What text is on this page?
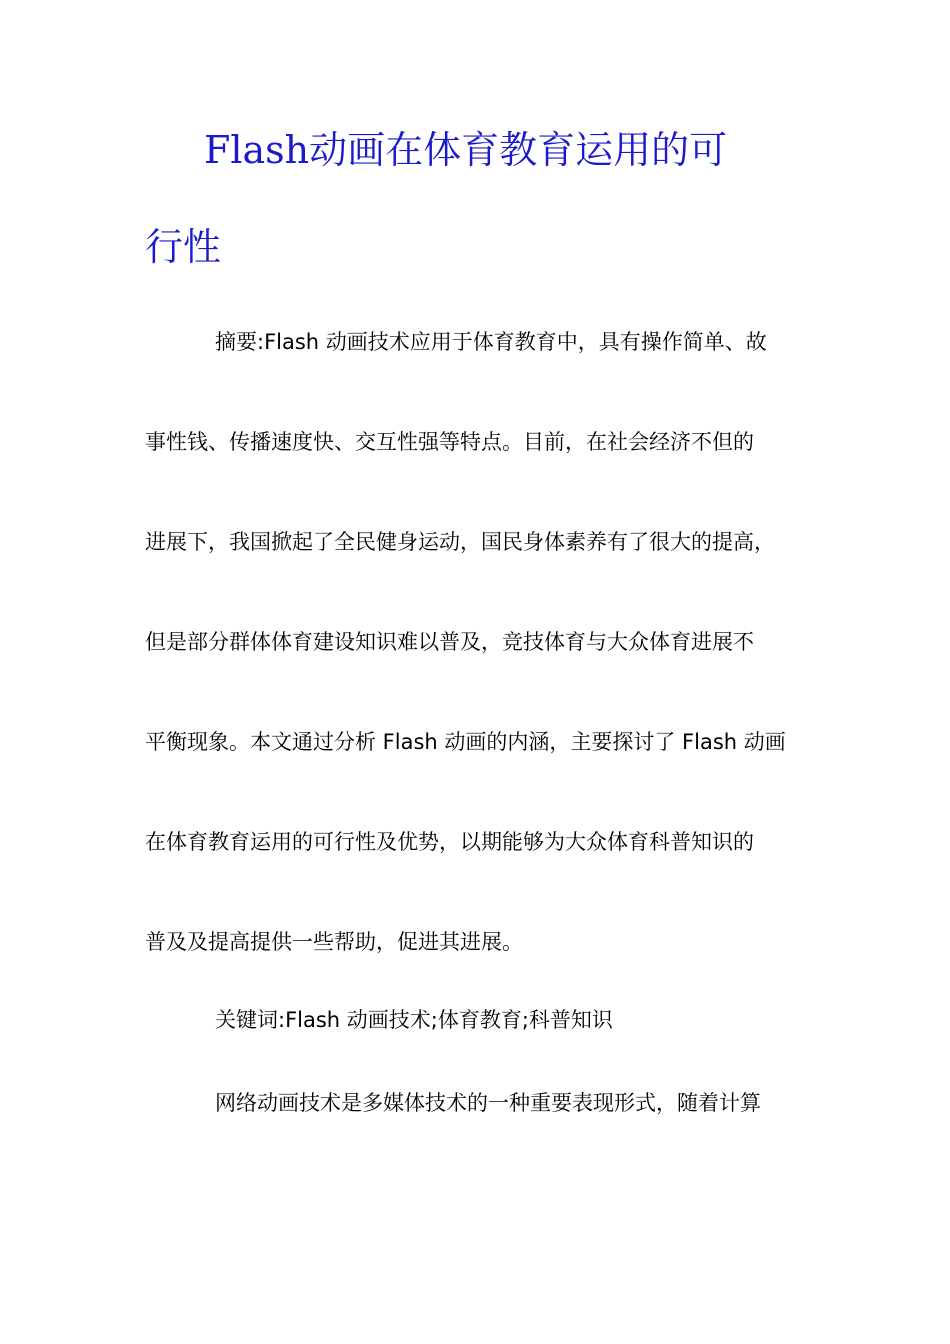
Flash动画在体育教育运用的可
行性

摘要:Flash 动画技术应用于体育教育中，具有操作简单、故

事性钱、传播速度快、交互性强等特点。目前，在社会经济不但的

进展下，我国掀起了全民健身运动，国民身体素养有了很大的提高，

但是部分群体体育建设知识难以普及，竞技体育与大众体育进展不

平衡现象。本文通过分析 Flash 动画的内涵，主要探讨了 Flash 动画

在体育教育运用的可行性及优势，以期能够为大众体育科普知识的

普及及提高提供一些帮助，促进其进展。

关键词:Flash 动画技术;体育教育;科普知识

网络动画技术是多媒体技术的一种重要表现形式，随着计算
